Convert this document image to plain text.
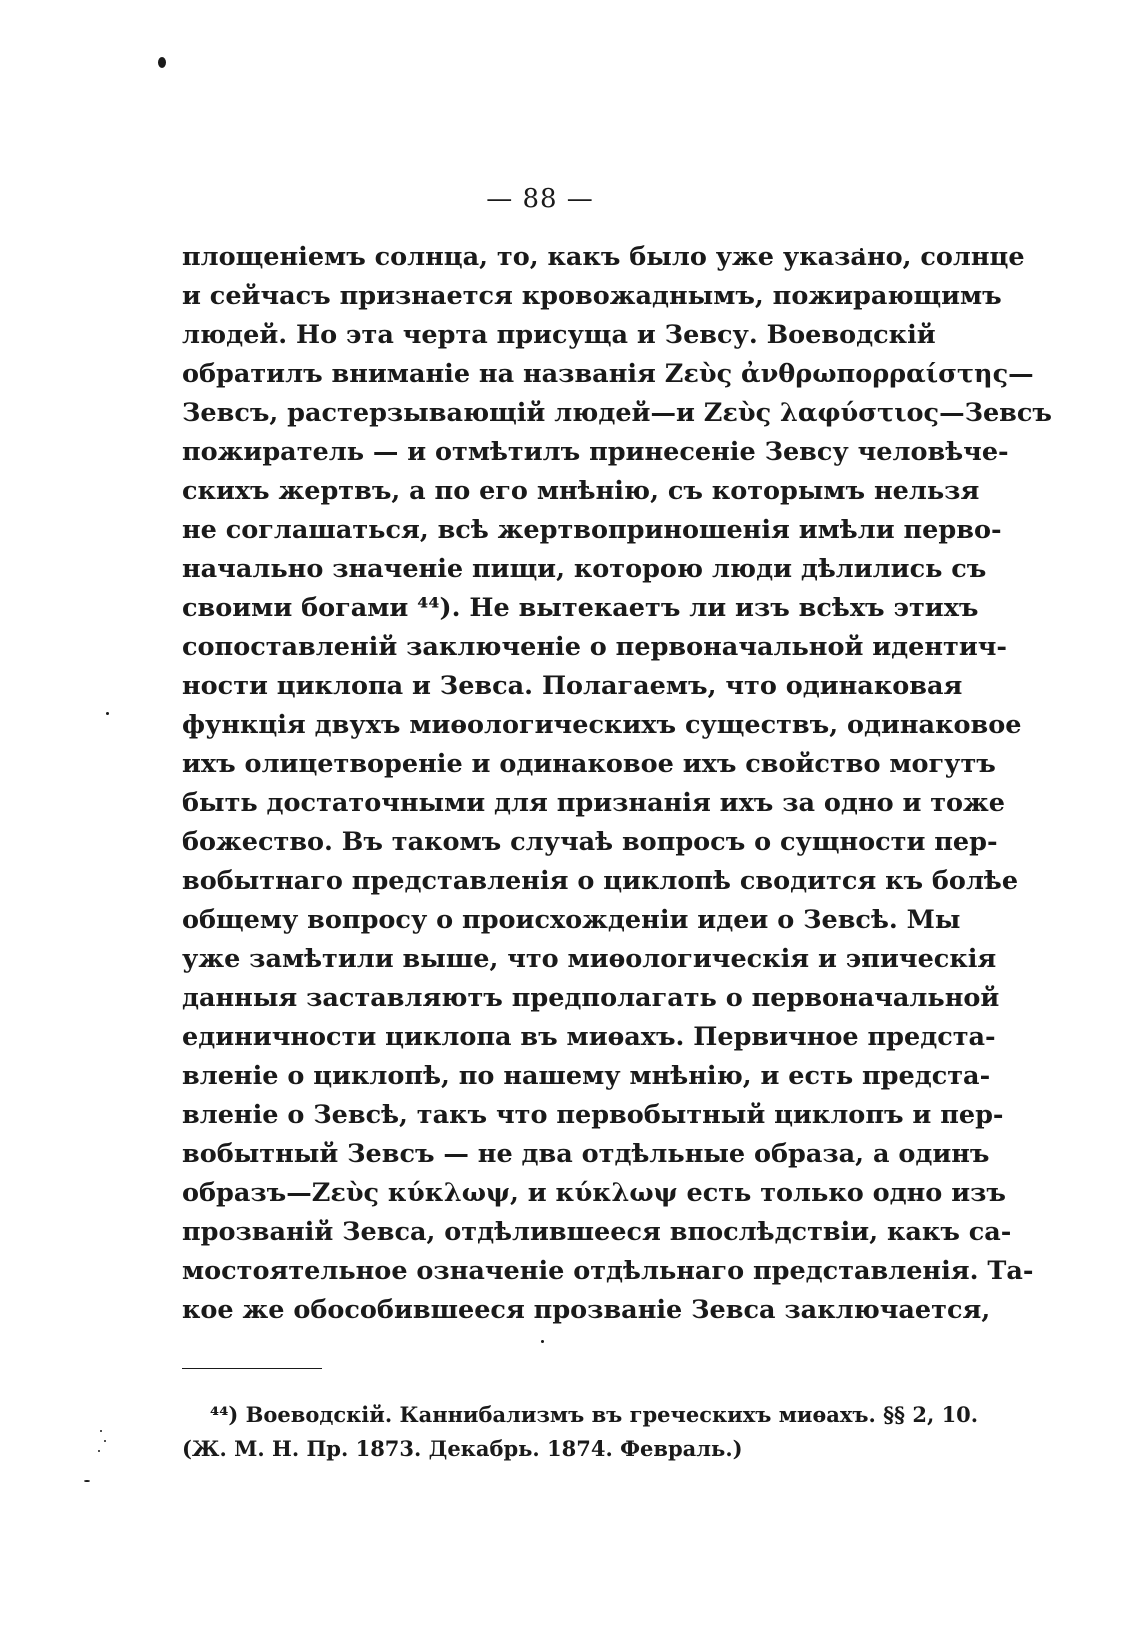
— 88 —
площеніемъ солнца, то, какъ было уже указано, солнце
и сейчасъ признается кровожаднымъ, пожирающимъ
людей. Но эта черта присуща и Зевсу. Воеводскій
обратилъ вниманіе на названія Ζεὺς ἀνθρωπορραίστης—
Зевсъ, растерзывающій людей—и Ζεὺς λαφύστιος—Зевсъ
пожиратель — и отмѣтилъ принесеніе Зевсу человѣче-
скихъ жертвъ, а по его мнѣнію, съ которымъ нельзя
не соглашаться, всѣ жертвоприношенія имѣли перво-
начально значеніе пищи, которою люди дѣлились съ
своими богами ⁴⁴). Не вытекаетъ ли изъ всѣхъ этихъ
сопоставленій заключеніе о первоначальной идентич-
ности циклопа и Зевса. Полагаемъ, что одинаковая
функція двухъ миѳологическихъ существъ, одинаковое
ихъ олицетвореніе и одинаковое ихъ свойство могутъ
быть достаточными для признанія ихъ за одно и тоже
божество. Въ такомъ случаѣ вопросъ о сущности пер-
вобытнаго представленія о циклопѣ сводится къ болѣе
общему вопросу о происхожденіи идеи о Зевсѣ. Мы
уже замѣтили выше, что миѳологическія и эпическія
данныя заставляютъ предполагать о первоначальной
единичности циклопа въ миѳахъ. Первичное предста-
вленіе о циклопѣ, по нашему мнѣнію, и есть предста-
вленіе о Зевсѣ, такъ что первобытный циклопъ и пер-
вобытный Зевсъ — не два отдѣльные образа, а одинъ
образъ—Ζεὺς κύκλωψ, и κύκλωψ есть только одно изъ
прозваній Зевса, отдѣлившееся впослѣдствіи, какъ са-
мостоятельное означеніе отдѣльнаго представленія. Та-
кое же обособившееся прозваніе Зевса заключается,
⁴⁴) Воеводскій. Каннибализмъ въ греческихъ миѳахъ. §§ 2, 10.
(Ж. М. Н. Пр. 1873. Декабрь. 1874. Февраль.)
